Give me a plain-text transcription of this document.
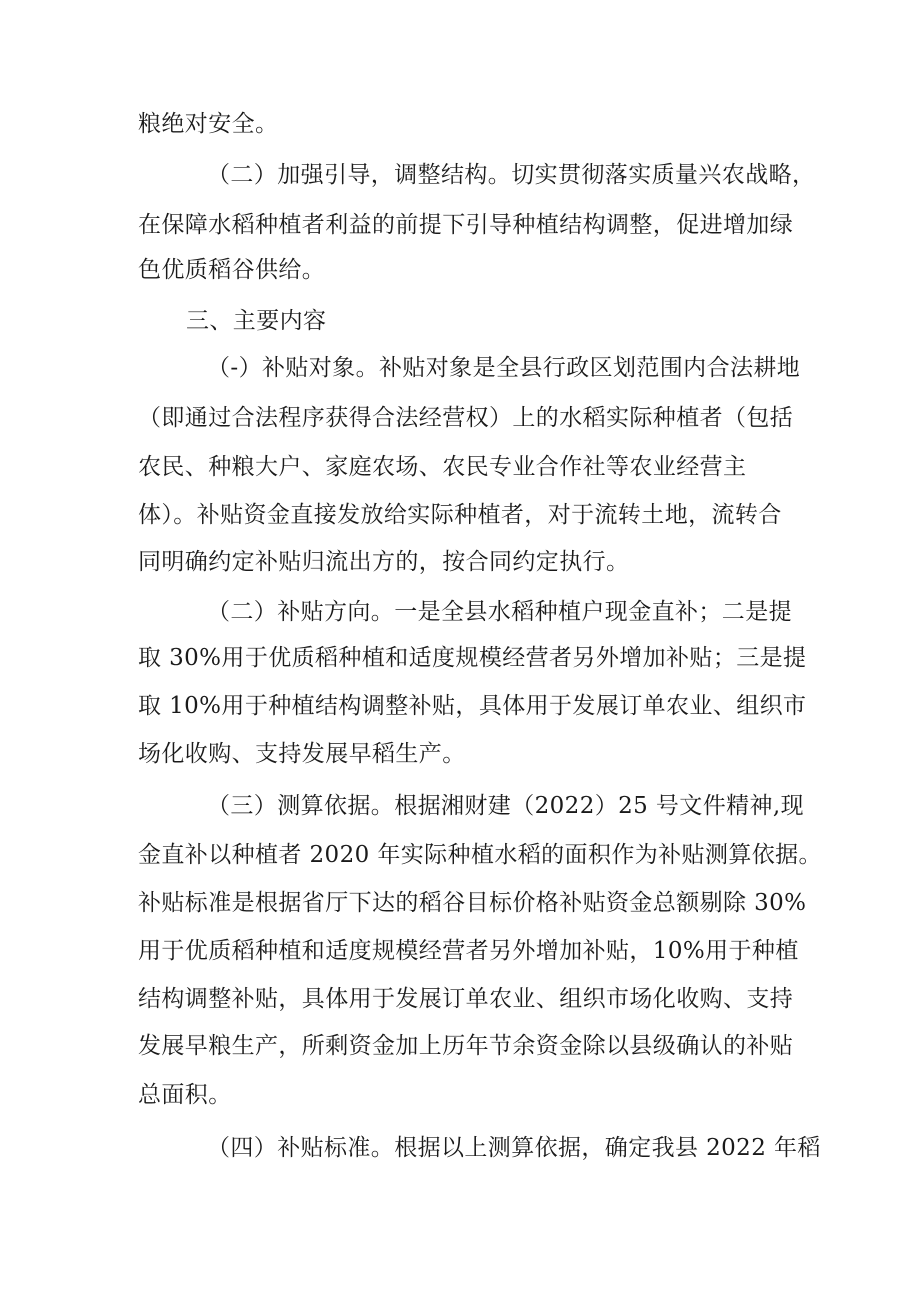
粮绝对安全。
（二）加强引导，调整结构。切实贯彻落实质量兴农战略，
在保障水稻种植者利益的前提下引导种植结构调整，促进增加绿
色优质稻谷供给。
三、主要内容
（-）补贴对象。补贴对象是全县行政区划范围内合法耕地
（即通过合法程序获得合法经营权）上的水稻实际种植者（包括
农民、种粮大户、家庭农场、农民专业合作社等农业经营主
体）。补贴资金直接发放给实际种植者，对于流转土地，流转合
同明确约定补贴归流出方的，按合同约定执行。
（二）补贴方向。一是全县水稻种植户现金直补；二是提
取 30%用于优质稻种植和适度规模经营者另外增加补贴；三是提
取 10%用于种植结构调整补贴，具体用于发展订单农业、组织市
场化收购、支持发展早稻生产。
（三）测算依据。根据湘财建（2022）25 号文件精神,现
金直补以种植者 2020 年实际种植水稻的面积作为补贴测算依据。
补贴标准是根据省厅下达的稻谷目标价格补贴资金总额剔除 30%
用于优质稻种植和适度规模经营者另外增加补贴，10%用于种植
结构调整补贴，具体用于发展订单农业、组织市场化收购、支持
发展早粮生产，所剩资金加上历年节余资金除以县级确认的补贴
总面积。
（四）补贴标准。根据以上测算依据，确定我县 2022 年稻
